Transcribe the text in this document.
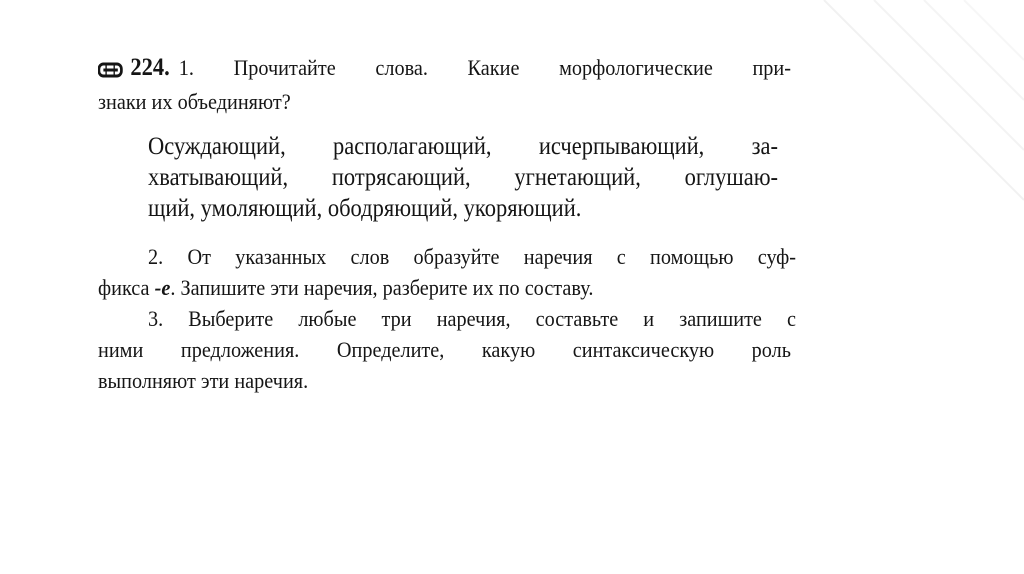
224. 1. Прочитайте слова. Какие морфологические при-
знаки их объединяют?
Осуждающий, располагающий, исчерпывающий, за-
хватывающий, потрясающий, угнетающий, оглушаю-
щий, умоляющий, ободряющий, укоряющий.
2. От указанных слов образуйте наречия с помощью суф-
фикса -е. Запишите эти наречия, разберите их по составу.
3. Выберите любые три наречия, составьте и запишите с
ними предложения. Определите, какую синтаксическую роль
выполняют эти наречия.
